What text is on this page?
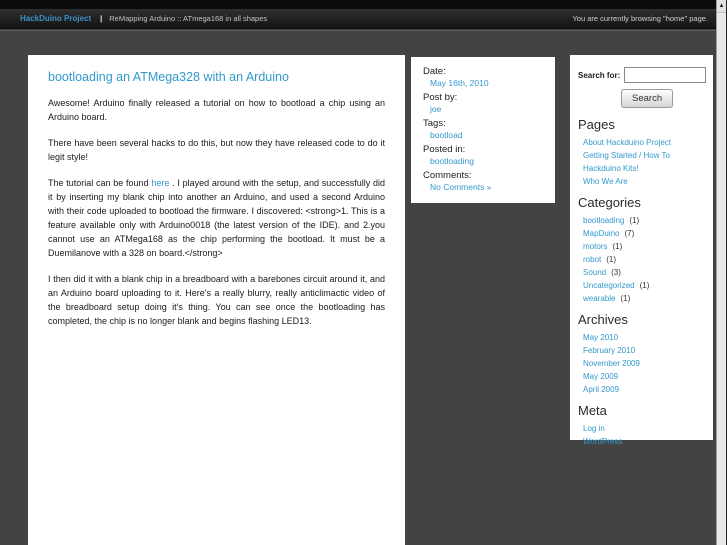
HackDuino Project | ReMapping Arduino :: ATmega168 in all shapes	You are currently browsing "home" page.
bootloading an ATMega328 with an Arduino

Awesome! Arduino finally released a tutorial on how to bootload a chip using an Arduino board.

There have been several hacks to do this, but now they have released code to do it legit style!

The tutorial can be found here . I played around with the setup, and successfully did it by inserting my blank chip into another an Arduino, and used a second Arduino with their code uploaded to bootload the firmware. I discovered: <strong>1. This is a feature available only with Arduino0018 (the latest version of the IDE). and 2.you cannot use an ATMega168 as the chip performing the bootload. It must be a Duemilanove with a 328 on board.</strong>

I then did it with a blank chip in a breadboard with a barebones circuit around it, and an Arduino board uploading to it. Here's a really blurry, really anticlimactic video of the breadboard setup doing it's thing. You can see once the bootloading has completed, the chip is no longer blank and begins flashing LED13.

Date:
May 16th, 2010
Post by:
joe
Tags:
bootload
Posted in:
bootloading
Comments:
No Comments »
Search for:
Search
Pages
About Hackduino Project
Getting Started / How To
Hackduino Kits!
Who We Are
Categories
bootloading (1)
MapDuino (7)
motors (1)
robot (1)
Sound (3)
Uncategorized (1)
wearable (1)
Archives
May 2010
February 2010
November 2009
May 2009
April 2009
Meta
Log in
WordPress
▲
